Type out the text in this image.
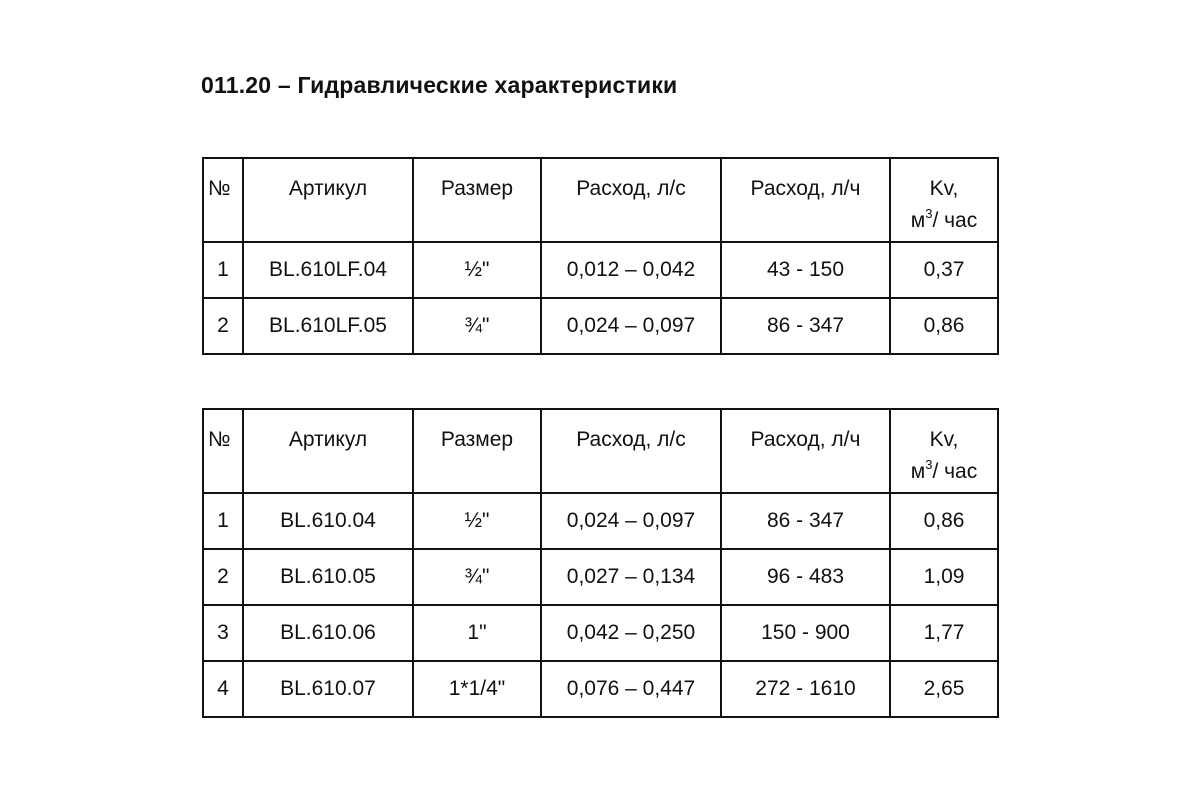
011.20 – Гидравлические характеристики
№	Артикул	Размер	Расход, л/с	Расход, л/ч	Kv,
$м^3/$ час
1	BL.610LF.04	½"	0,012 – 0,042	43 - 150	0,37
2	BL.610LF.05	¾"	0,024 – 0,097	86 - 347	0,86
№	Артикул	Размер	Расход, л/с	Расход, л/ч	Kv,
$м^3/$ час
1	BL.610.04	½"	0,024 – 0,097	86 - 347	0,86
2	BL.610.05	¾"	0,027 – 0,134	96 - 483	1,09
3	BL.610.06	1"	0,042 – 0,250	150 - 900	1,77
4	BL.610.07	1*1/4"	0,076 – 0,447	272 - 1610	2,65
